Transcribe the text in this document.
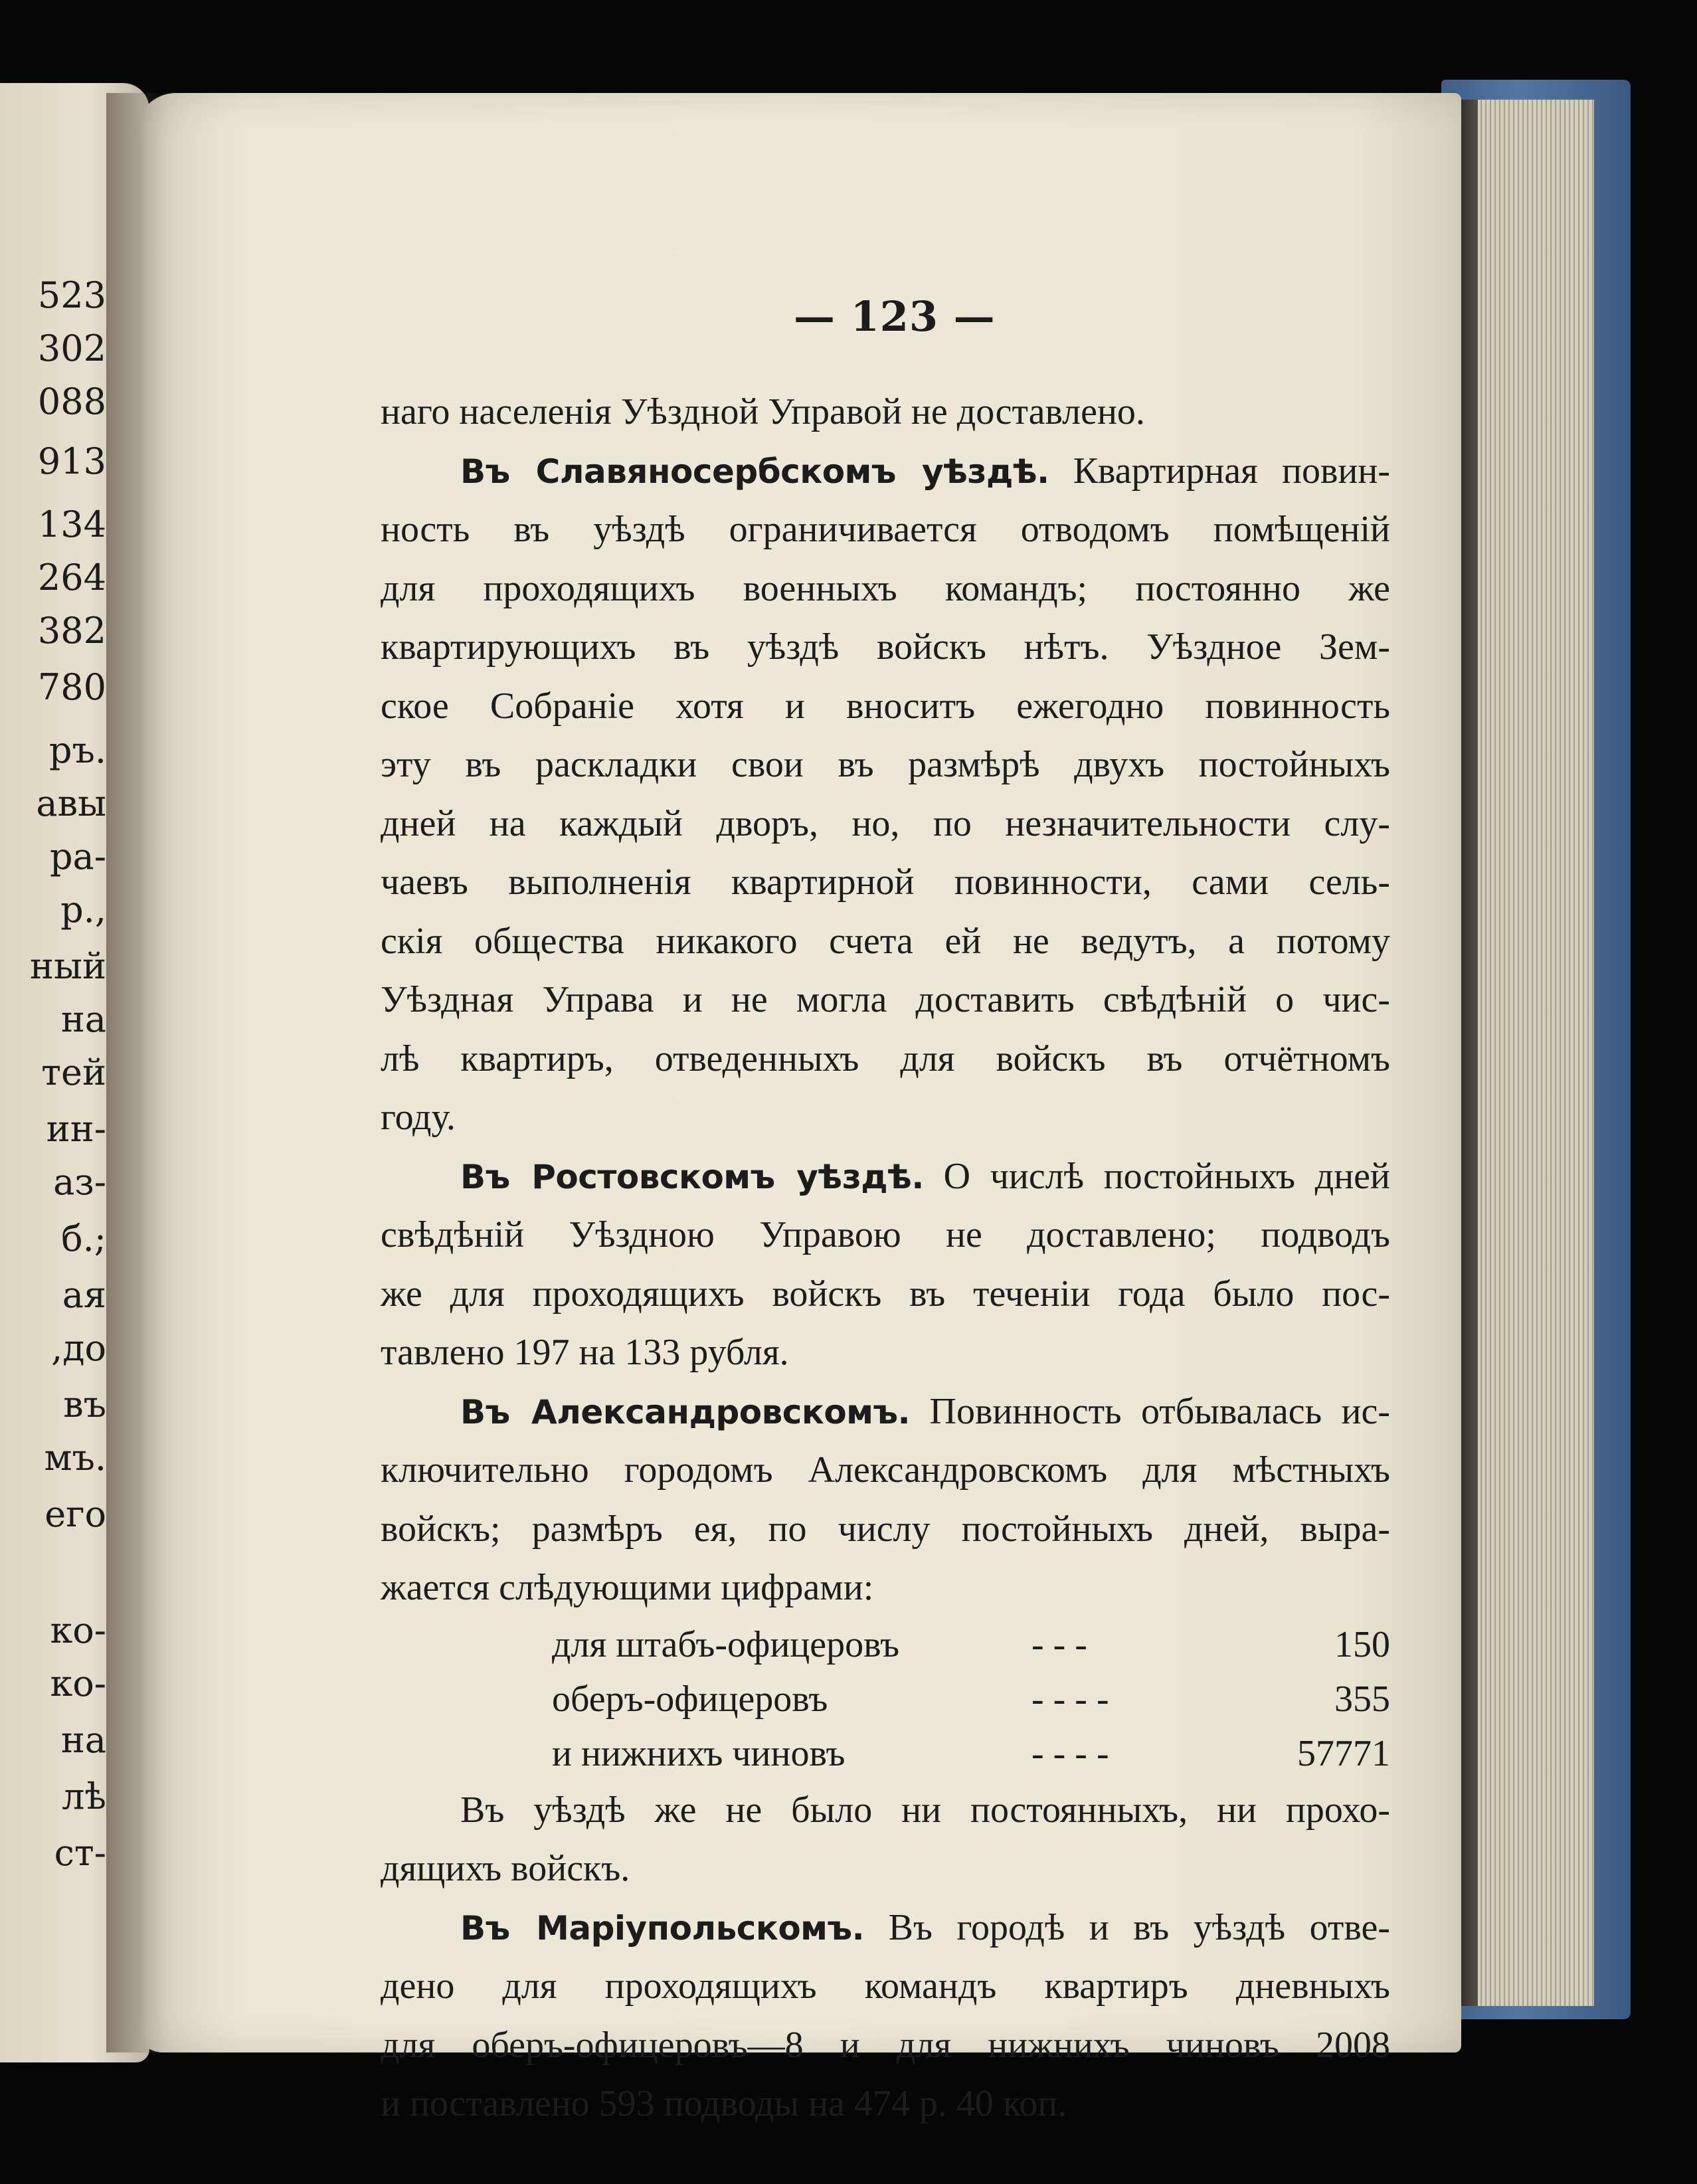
523
302
088
913
134
264
382
780
ръ.
авы
ра-
р.,
ный
на
тей
ин-
аз-
б.;
ая
,до
въ
мъ.
его
ко-
ко-
на
лѣ
ст-
— 123 —
наго населенія Уѣздной Управой не доставлено.
Въ Славяносербскомъ уѣздѣ. Квартирная повин-
ность въ уѣздѣ ограничивается отводомъ помѣщеній
для проходящихъ военныхъ командъ; постоянно же
квартирующихъ въ уѣздѣ войскъ нѣтъ. Уѣздное Зем-
ское Собраніе хотя и вноситъ ежегодно повинность
эту въ раскладки свои въ размѣрѣ двухъ постойныхъ
дней на каждый дворъ, но, по незначительности слу-
чаевъ выполненія квартирной повинности, сами сель-
скія общества никакого счета ей не ведутъ, а потому
Уѣздная Управа и не могла доставить свѣдѣній о чис-
лѣ квартиръ, отведенныхъ для войскъ въ отчётномъ
году.
Въ Ростовскомъ уѣздѣ. О числѣ постойныхъ дней
свѣдѣній Уѣздною Управою не доставлено; подводъ
же для проходящихъ войскъ въ теченіи года было пос-
тавлено 197 на 133 рубля.
Въ Александровскомъ. Повинность отбывалась ис-
ключительно городомъ Александровскомъ для мѣстныхъ
войскъ; размѣръ ея, по числу постойныхъ дней, выра-
жается слѣдующими цифрами:
для штабъ-офицеровъ	- - -	150
оберъ-офицеровъ	- - - -	355
и нижнихъ чиновъ	- - - -	57771
Въ уѣздѣ же не было ни постоянныхъ, ни прохо-
дящихъ войскъ.
Въ Маріупольскомъ. Въ городѣ и въ уѣздѣ отве-
дено для проходящихъ командъ квартиръ дневныхъ
для оберъ-офицеровъ—8 и для нижнихъ чиновъ 2008
и поставлено 593 подводы на 474 р. 40 коп.
